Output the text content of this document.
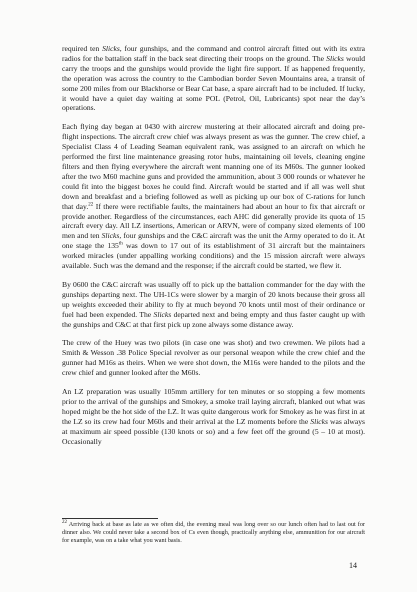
required ten Slicks, four gunships, and the command and control aircraft fitted out with its extra radios for the battalion staff in the back seat directing their troops on the ground. The Slicks would carry the troops and the gunships would provide the light fire support. If as happened frequently, the operation was across the country to the Cambodian border Seven Mountains area, a transit of some 200 miles from our Blackhorse or Bear Cat base, a spare aircraft had to be included. If lucky, it would have a quiet day waiting at some POL (Petrol, Oil, Lubricants) spot near the day’s operations.

Each flying day began at 0430 with aircrew mustering at their allocated aircraft and doing pre-flight inspections. The aircraft crew chief was always present as was the gunner. The crew chief, a Specialist Class 4 of Leading Seaman equivalent rank, was assigned to an aircraft on which he performed the first line maintenance greasing rotor hubs, maintaining oil levels, cleaning engine filters and then flying everywhere the aircraft went manning one of its M60s. The gunner looked after the two M60 machine guns and provided the ammunition, about 3 000 rounds or whatever he could fit into the biggest boxes he could find. Aircraft would be started and if all was well shut down and breakfast and a briefing followed as well as picking up our box of C-rations for lunch that day.$^{22}$ If there were rectifiable faults, the maintainers had about an hour to fix that aircraft or provide another. Regardless of the circumstances, each AHC did generally provide its quota of 15 aircraft every day. All LZ insertions, American or ARVN, were of company sized elements of 100 men and ten Slicks, four gunships and the C&C aircraft was the unit the Army operated to do it. At one stage the 135th was down to 17 out of its establishment of 31 aircraft but the maintainers worked miracles (under appalling working conditions) and the 15 mission aircraft were always available. Such was the demand and the response; if the aircraft could be started, we flew it.

By 0600 the C&C aircraft was usually off to pick up the battalion commander for the day with the gunships departing next. The UH-1Cs were slower by a margin of 20 knots because their gross all up weights exceeded their ability to fly at much beyond 70 knots until most of their ordinance or fuel had been expended. The Slicks departed next and being empty and thus faster caught up with the gunships and C&C at that first pick up zone always some distance away.

The crew of the Huey was two pilots (in case one was shot) and two crewmen. We pilots had a Smith & Wesson .38 Police Special revolver as our personal weapon while the crew chief and the gunner had M16s as theirs. When we were shot down, the M16s were handed to the pilots and the crew chief and gunner looked after the M60s.

An LZ preparation was usually 105mm artillery for ten minutes or so stopping a few moments prior to the arrival of the gunships and Smokey, a smoke trail laying aircraft, blanked out what was hoped might be the hot side of the LZ. It was quite dangerous work for Smokey as he was first in at the LZ so its crew had four M60s and their arrival at the LZ moments before the Slicks was always at maximum air speed possible (130 knots or so) and a few feet off the ground (5 – 10 at most). Occasionally

$^{22}$ Arriving back at base as late as we often did, the evening meal was long over so our lunch often had to last out for dinner also. We could never take a second box of Cs even though, practically anything else, ammunition for our aircraft for example, was on a take what you want basis.
14
